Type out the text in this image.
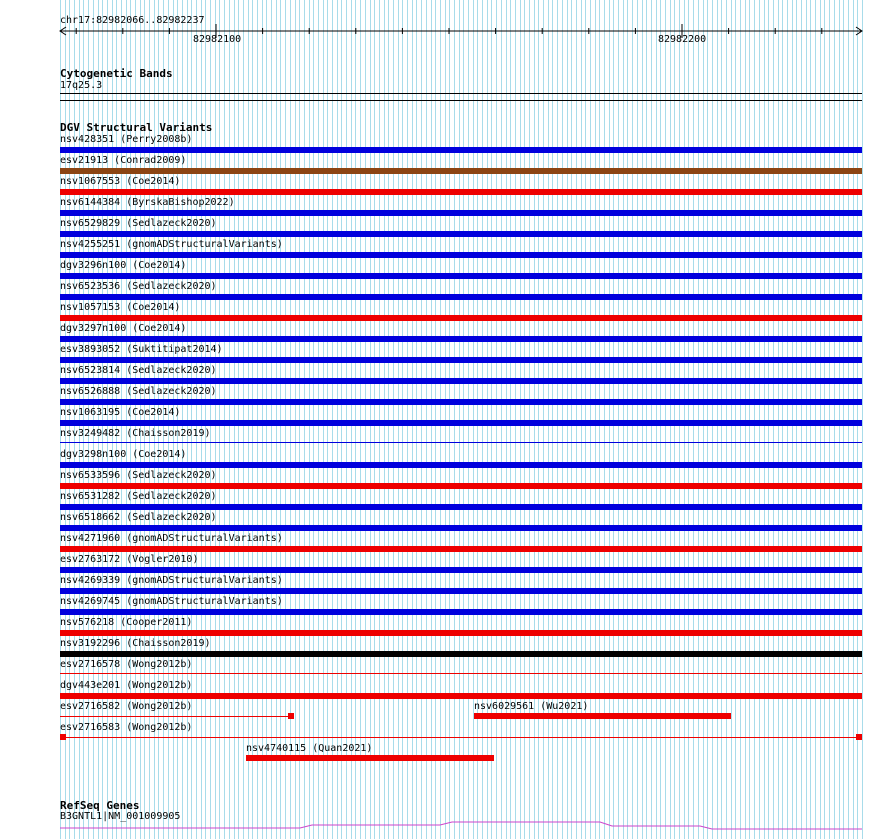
chr17:82982066..82982237
82982100	82982200
Cytogenetic Bands
17q25.3
DGV Structural Variants
nsv428351 (Perry2008b)
esv21913 (Conrad2009)
nsv1067553 (Coe2014)
nsv6144384 (ByrskaBishop2022)
nsv6529829 (Sedlazeck2020)
nsv4255251 (gnomADStructuralVariants)
dgv3296n100 (Coe2014)
nsv6523536 (Sedlazeck2020)
nsv1057153 (Coe2014)
dgv3297n100 (Coe2014)
esv3893052 (Suktitipat2014)
nsv6523814 (Sedlazeck2020)
nsv6526888 (Sedlazeck2020)
nsv1063195 (Coe2014)
nsv3249482 (Chaisson2019)
dgv3298n100 (Coe2014)
nsv6533596 (Sedlazeck2020)
nsv6531282 (Sedlazeck2020)
nsv6518662 (Sedlazeck2020)
nsv4271960 (gnomADStructuralVariants)
esv2763172 (Vogler2010)
nsv4269339 (gnomADStructuralVariants)
nsv4269745 (gnomADStructuralVariants)
nsv576218 (Cooper2011)
nsv3192296 (Chaisson2019)
esv2716578 (Wong2012b)
dgv443e201 (Wong2012b)
esv2716582 (Wong2012b)	nsv6029561 (Wu2021)
esv2716583 (Wong2012b)
nsv4740115 (Quan2021)
RefSeq Genes
B3GNTL1|NM_001009905
